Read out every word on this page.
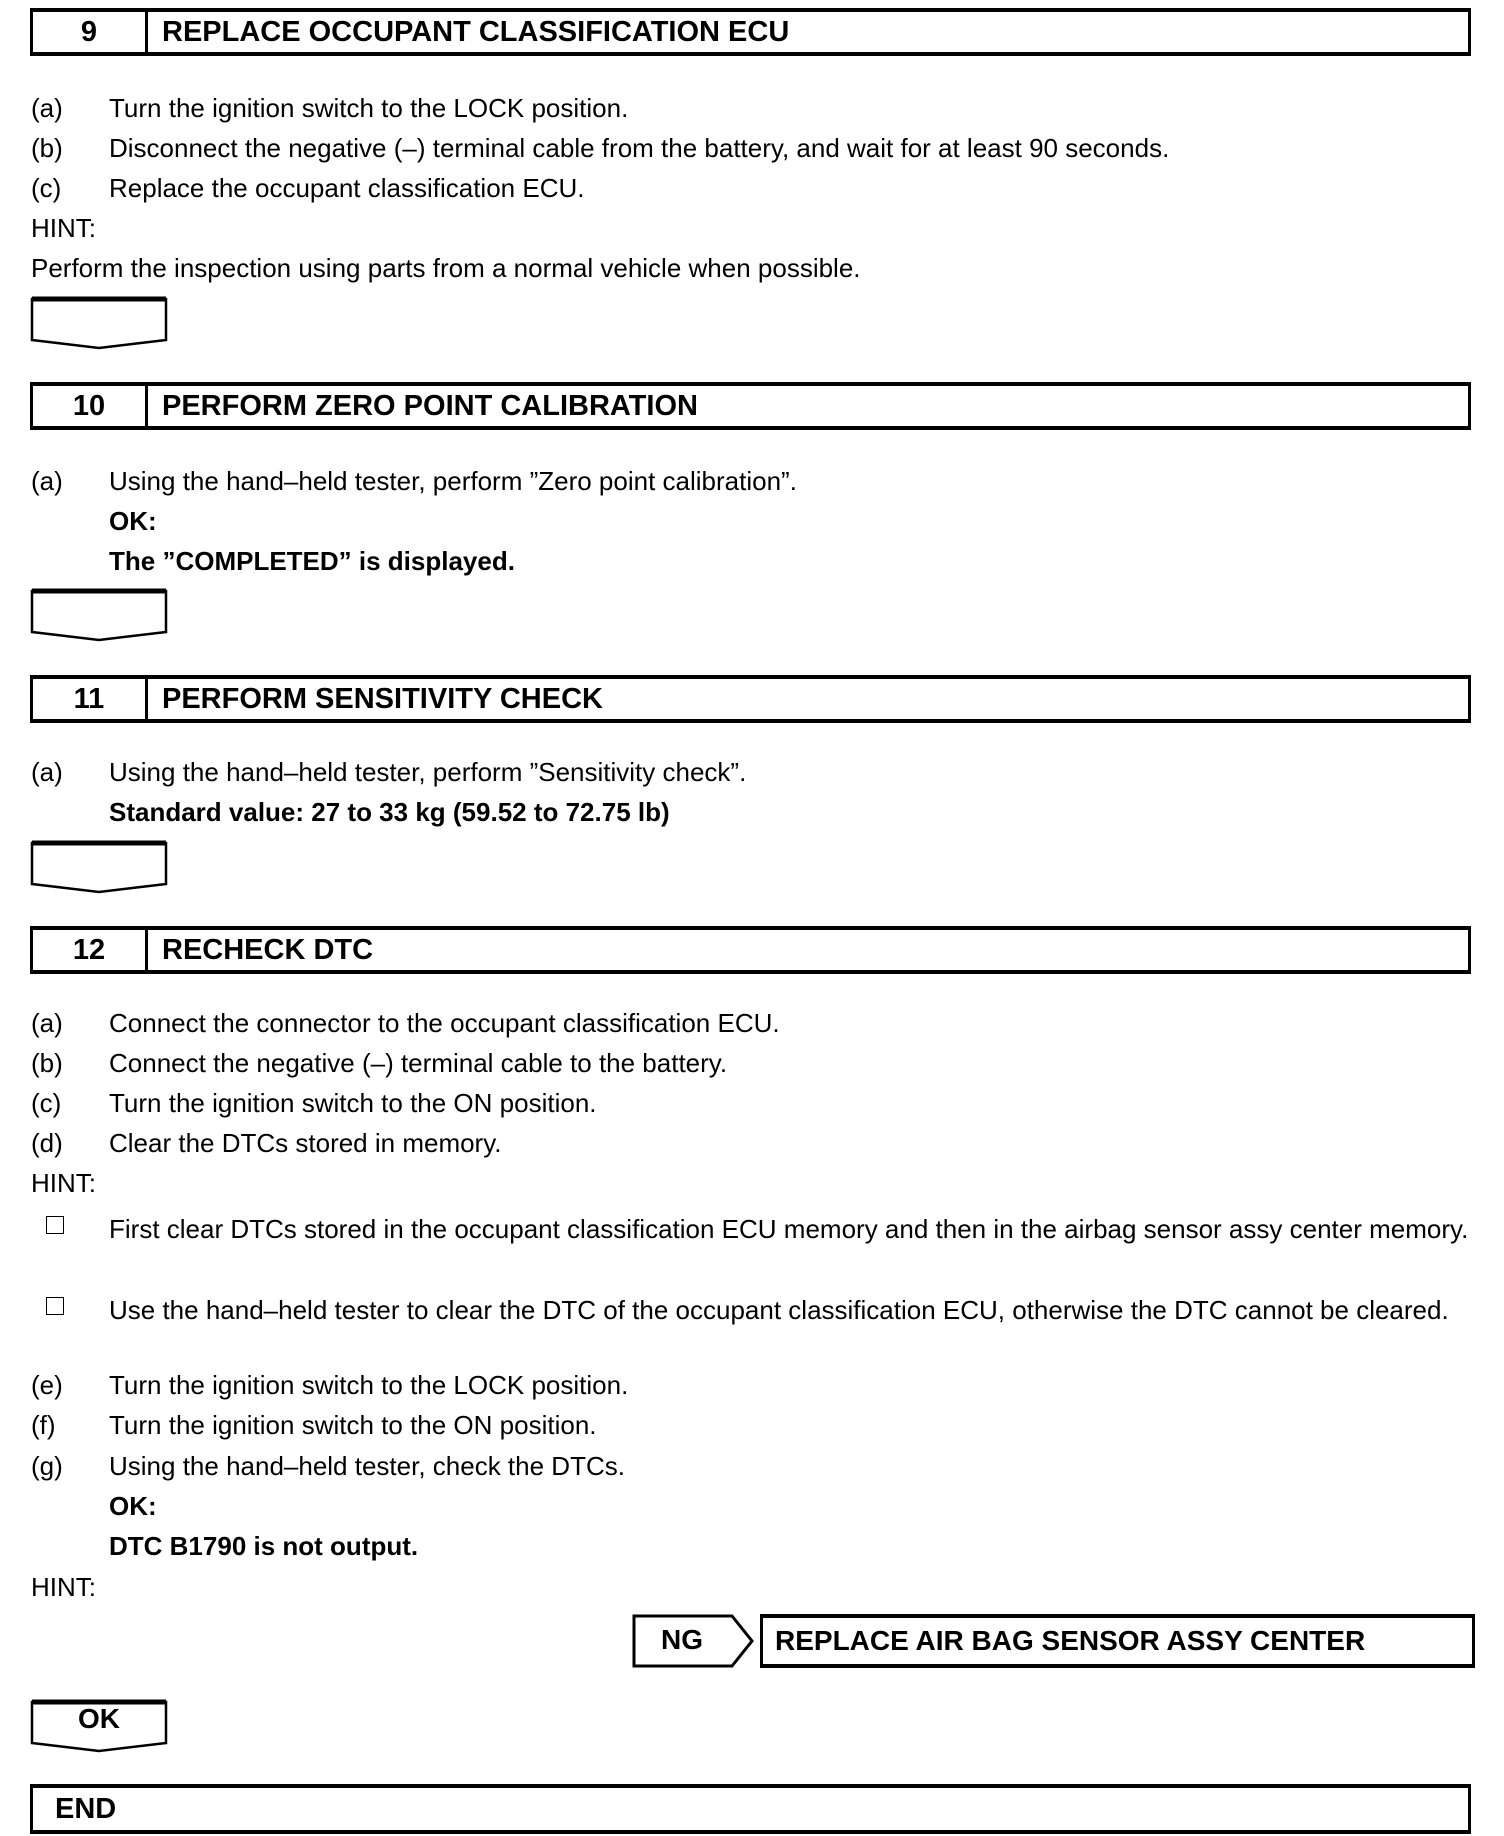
9	REPLACE OCCUPANT CLASSIFICATION ECU
(a) Turn the ignition switch to the LOCK position.
(b) Disconnect the negative (–) terminal cable from the battery, and wait for at least 90 seconds.
(c) Replace the occupant classification ECU.
HINT:
Perform the inspection using parts from a normal vehicle when possible.
10	PERFORM ZERO POINT CALIBRATION
(a) Using the hand–held tester, perform ”Zero point calibration”.
OK:
The ”COMPLETED” is displayed.
11	PERFORM SENSITIVITY CHECK
(a) Using the hand–held tester, perform ”Sensitivity check”.
Standard value: 27 to 33 kg (59.52 to 72.75 lb)
12	RECHECK DTC
(a) Connect the connector to the occupant classification ECU.
(b) Connect the negative (–) terminal cable to the battery.
(c) Turn the ignition switch to the ON position.
(d) Clear the DTCs stored in memory.
HINT:
First clear DTCs stored in the occupant classification ECU memory and then in the airbag sensor assy center memory.
Use the hand–held tester to clear the DTC of the occupant classification ECU, otherwise the DTC cannot be cleared.
(e) Turn the ignition switch to the LOCK position.
(f) Turn the ignition switch to the ON position.
(g) Using the hand–held tester, check the DTCs.
OK:
DTC B1790 is not output.
HINT:
NG	REPLACE AIR BAG SENSOR ASSY CENTER
OK
END
